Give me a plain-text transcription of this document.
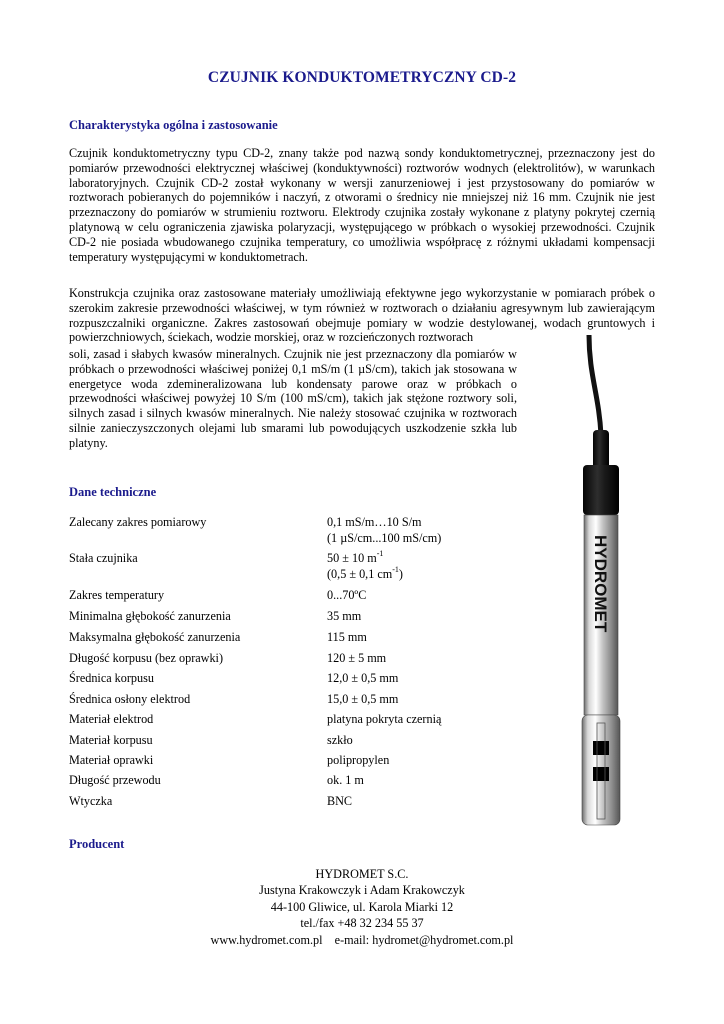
CZUJNIK KONDUKTOMETRYCZNY CD-2
Charakterystyka ogólna i zastosowanie

Czujnik konduktometryczny typu CD-2, znany także pod nazwą sondy konduktometrycznej, przeznaczony jest do pomiarów przewodności elektrycznej właściwej (konduktywności) roztworów wodnych (elektrolitów), w warunkach laboratoryjnych. Czujnik CD-2 został wykonany w wersji zanurzeniowej i jest przystosowany do pomiarów w roztworach pobieranych do pojemników i naczyń, z otworami o średnicy nie mniejszej niż 16 mm. Czujnik nie jest przeznaczony do pomiarów w strumieniu roztworu. Elektrody czujnika zostały wykonane z platyny pokrytej czernią platynową w celu ograniczenia zjawiska polaryzacji, występującego w próbkach o wysokiej przewodności. Czujnik CD-2 nie posiada wbudowanego czujnika temperatury, co umożliwia współpracę z różnymi układami kompensacji temperatury występującymi w konduktometrach.

Konstrukcja czujnika oraz zastosowane materiały umożliwiają efektywne jego wykorzystanie w pomiarach próbek o szerokim zakresie przewodności właściwej, w tym również w roztworach o działaniu agresywnym lub zawierającym rozpuszczalniki organiczne. Zakres zastosowań obejmuje pomiary w wodzie destylowanej, wodach gruntowych i powierzchniowych, ściekach, wodzie morskiej, oraz w rozcieńczonych roztworach

soli, zasad i słabych kwasów mineralnych. Czujnik nie jest przeznaczony dla pomiarów w próbkach o przewodności właściwej poniżej 0,1 mS/m (1 µS/cm), takich jak stosowana w energetyce woda zdemineralizowana lub kondensaty parowe oraz w próbkach o przewodności właściwej powyżej 10 S/m (100 mS/cm), takich jak stężone roztwory soli, silnych zasad i silnych kwasów mineralnych. Nie należy stosować czujnika w roztworach silnie zanieczyszczonych olejami lub smarami lub powodujących uszkodzenie szkła lub platyny.

HYDROMET
Dane techniczne
Zalecany zakres pomiarowy	0,1 mS/m…10 S/m
(1 µS/cm...100 mS/cm)
Stała czujnika	50 ± 10 $m^{-1}$
(0,5 ± 0,1 $cm^{-1}$)
Zakres temperatury	0...70ºC
Minimalna głębokość zanurzenia	35 mm
Maksymalna głębokość zanurzenia	115 mm
Długość korpusu (bez oprawki)	120 ± 5 mm
Średnica korpusu	12,0 ± 0,5 mm
Średnica osłony elektrod	15,0 ± 0,5 mm
Materiał elektrod	platyna pokryta czernią
Materiał korpusu	szkło
Materiał oprawki	polipropylen
Długość przewodu	ok. 1 m
Wtyczka	BNC
Producent
HYDROMET S.C.
Justyna Krakowczyk i Adam Krakowczyk
44-100 Gliwice, ul. Karola Miarki 12
tel./fax +48 32 234 55 37
www.hydromet.com.pl e-mail: hydromet@hydromet.com.pl
